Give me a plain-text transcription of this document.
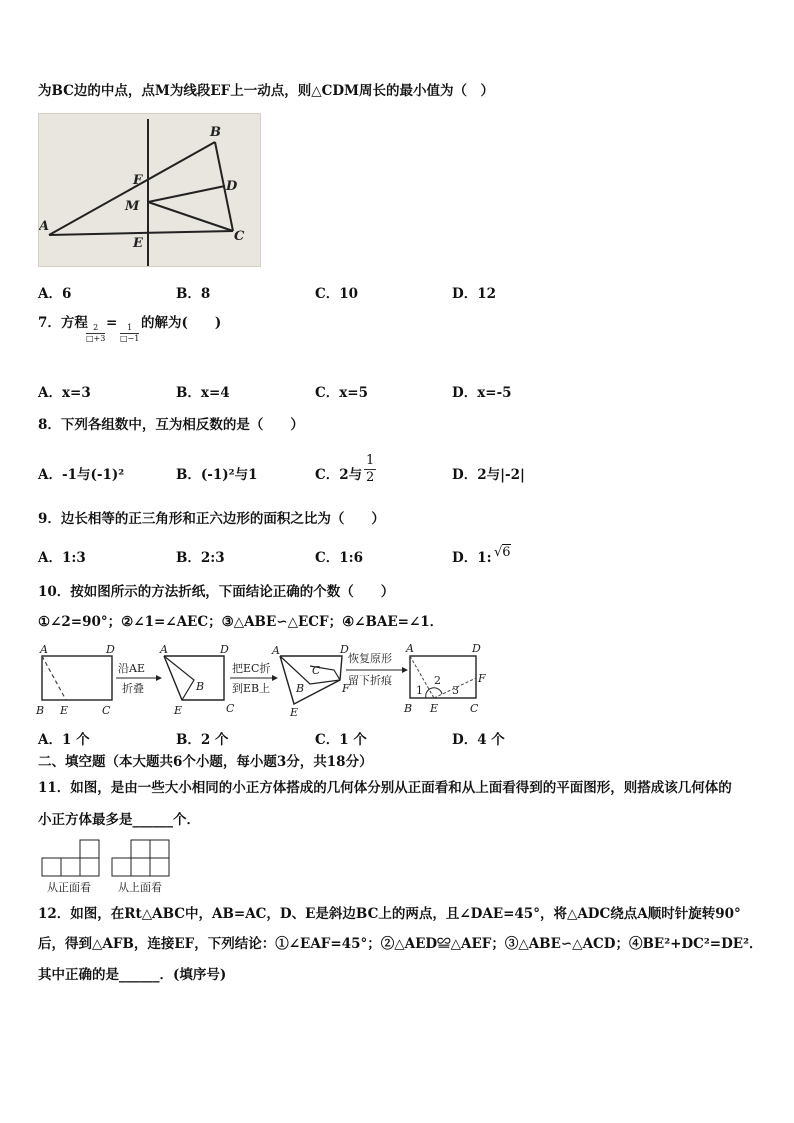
为BC边的中点，点M为线段EF上一动点，则△CDM周长的最小值为（　）
A
B
C
D
E
F
M
A．6	B．8	C．10	D．12
7．方程
$\frac{2}{□+3} = \frac{1}{□-1}$ 的解为(　　)
A．x=3	B．x=4	C．x=5	D．x=-5
8．下列各组数中，互为相反数的是（　　）
A．-1与(-1)²	B．(-1)²与1	C．2与 $\frac{1}{2}$	D．2与|-2|
9．边长相等的正三角形和正六边形的面积之比为（　　）
A．1:3	B．2:3	C．1:6	D．1: √6
10．按如图所示的方法折纸，下面结论正确的个数（　　）
①∠2=90°；②∠1=∠AEC；③△ABE∽△ECF；④∠BAE=∠1．
A	D
B E	C
沿AE
折叠
A	D
B
E	C
把EC折
到EB上
A	D
C
B	F
E
恢复原形
留下折痕
A	D
F
1
2
3
B E	C
A．1 个	B．2 个	C．1 个	D．4 个
二、填空题（本大题共6个小题，每小题3分，共18分）
11．如图，是由一些大小相同的小正方体搭成的几何体分别从正面看和从上面看得到的平面图形，则搭成该几何体的
小正方体最多是______个．
从正面看 从上面看
12．如图，在Rt△ABC中，AB=AC，D、E是斜边BC上的两点，且∠DAE=45°，将△ADC绕点A顺时针旋转90°
后，得到△AFB，连接EF，下列结论：①∠EAF=45°；②△AED≌△AEF；③△ABE∽△ACD；④BE²+DC²=DE²．
其中正确的是______．(填序号)
